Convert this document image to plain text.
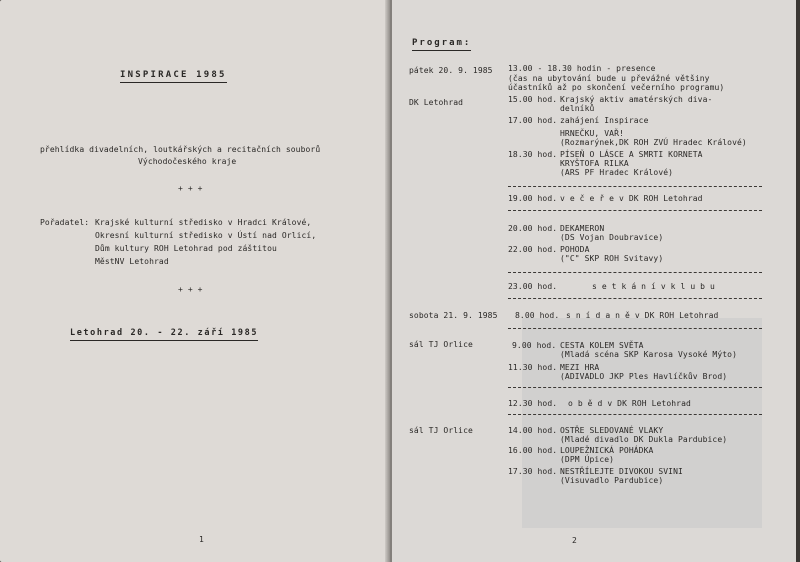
INSPIRACE 1985
přehlídka divadelních, loutkářských a recitačních souborů
Východočeského kraje
+ + +
Pořadatel: Krajské kulturní středisko v Hradci Králové,
Okresní kulturní středisko v Ústí nad Orlicí,
Dům kultury ROH Letohrad pod záštitou
MěstNV Letohrad
+ + +
Letohrad 20. - 22. září 1985
1
Program:
pátek 20. 9. 1985
DK Letohrad
sobota 21. 9. 1985
sál TJ Orlice
sál TJ Orlice
13.00 - 18.30 hodin - presence
(čas na ubytování bude u převážné většiny
účastníků až po skončení večerního programu)
15.00 hod. Krajský aktiv amatérských diva-
delníků
17.00 hod. zahájení Inspirace
HRNEČKU, VAŘ!
(Rozmarýnek,DK ROH ZVÚ Hradec Králové)
18.30 hod. PÍSEŇ O LÁSCE A SMRTI KORNETA
KRYŠTOFA RILKA
(ARS PF Hradec Králové)
19.00 hod. v e č e ř e v DK ROH Letohrad
20.00 hod. DEKAMERON
(DS Vojan Doubravice)
22.00 hod. POHODA
("C" SKP ROH Svitavy)
23.00 hod.	s e t k á n í v k l u b u
8.00 hod. s n í d a n ě v DK ROH Letohrad
9.00 hod. CESTA KOLEM SVĚTA
(Mladá scéna SKP Karosa Vysoké Mýto)
11.30 hod. MEZI HRA
(ADIVADLO JKP Ples Havlíčkův Brod)
12.30 hod. o b ě d v DK ROH Letohrad
14.00 hod. OSTŘE SLEDOVANÉ VLAKY
(Mladé divadlo DK Dukla Pardubice)
16.00 hod. LOUPEŽNICKÁ POHÁDKA
(DPM Úpice)
17.30 hod. NESTŘÍLEJTE DIVOKOU SVINI
(Visuvadlo Pardubice)
2
